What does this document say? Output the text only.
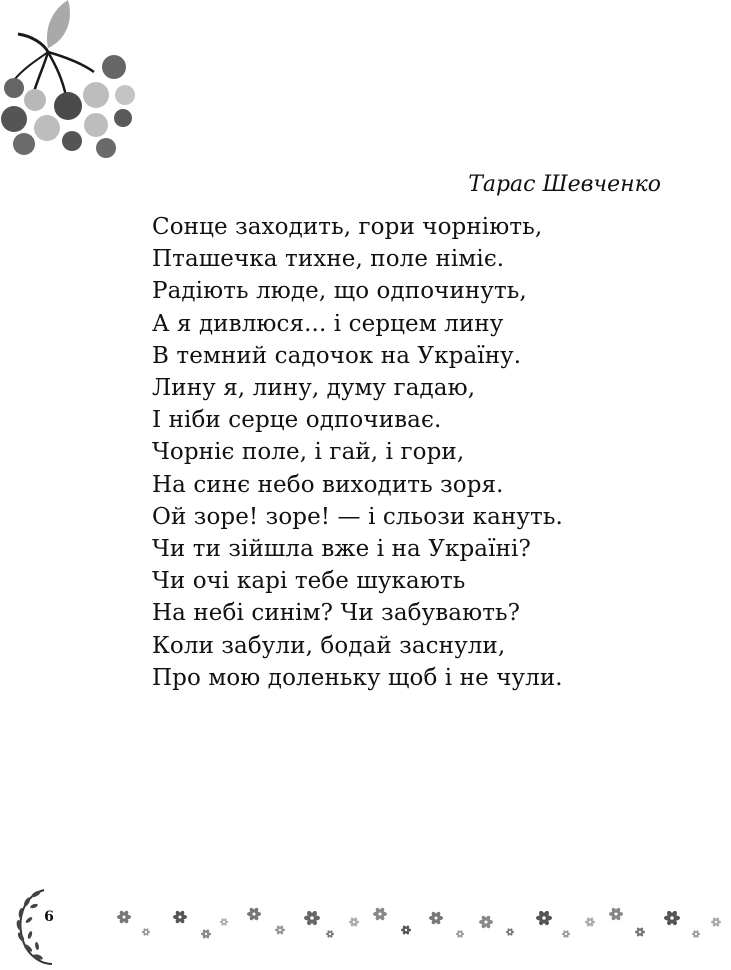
Тарас Шевченко
Сонце заходить, гори чорніють,
Пташечка тихне, поле німіє.
Радіють люде, що одпочинуть,
А я дивлюся... і серцем лину
В темний садочок на Україну.
Лину я, лину, думу гадаю,
І ніби серце одпочиває.
Чорніє поле, і гай, і гори,
На синє небо виходить зоря.
Ой зоре! зоре! — і сльози кануть.
Чи ти зійшла вже і на Україні?
Чи очі карі тебе шукають
На небі синім? Чи забувають?
Коли забули, бодай заснули,
Про мою доленьку щоб і не чули.
6
